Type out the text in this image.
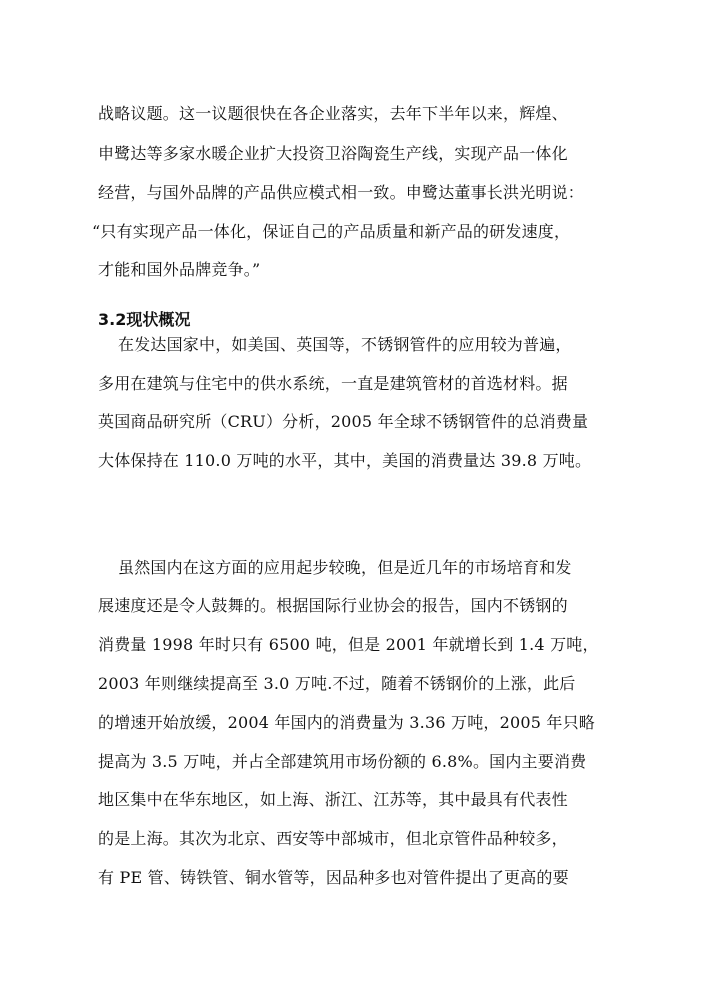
战略议题。这一议题很快在各企业落实，去年下半年以来，辉煌、
申鹭达等多家水暖企业扩大投资卫浴陶瓷生产线，实现产品一体化
经营，与国外品牌的产品供应模式相一致。申鹭达董事长洪光明说：
“只有实现产品一体化，保证自己的产品质量和新产品的研发速度，
才能和国外品牌竞争。”
3.2现状概况
在发达国家中，如美国、英国等，不锈钢管件的应用较为普遍，
多用在建筑与住宅中的供水系统，一直是建筑管材的首选材料。据
英国商品研究所（CRU）分析，2005 年全球不锈钢管件的总消费量
大体保持在 110.0 万吨的水平，其中，美国的消费量达 39.8 万吨。
虽然国内在这方面的应用起步较晚，但是近几年的市场培育和发
展速度还是令人鼓舞的。根据国际行业协会的报告，国内不锈钢的
消费量 1998 年时只有 6500 吨，但是 2001 年就增长到 1.4 万吨，
2003 年则继续提高至 3.0 万吨.不过，随着不锈钢价的上涨，此后
的增速开始放缓，2004 年国内的消费量为 3.36 万吨，2005 年只略
提高为 3.5 万吨，并占全部建筑用市场份额的 6.8%。国内主要消费
地区集中在华东地区，如上海、浙江、江苏等，其中最具有代表性
的是上海。其次为北京、西安等中部城市，但北京管件品种较多，
有 PE 管、铸铁管、铜水管等，因品种多也对管件提出了更高的要
